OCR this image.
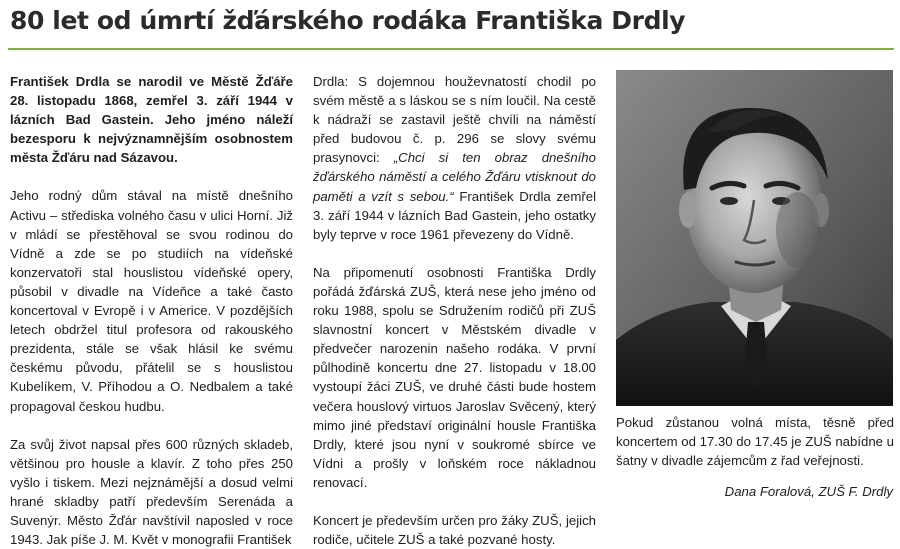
80 let od úmrtí žďárského rodáka Františka Drdly

František Drdla se narodil ve Městě Žďáře 28. listopadu 1868, zemřel 3. září 1944 v lázních Bad Gastein. Jeho jméno náleží bezesporu k nejvýznamnějším osobnostem města Žďáru nad Sázavou.

Jeho rodný dům stával na místě dnešního Activu – střediska volného času v ulici Horní. Již v mládí se přestěhoval se svou rodinou do Vídně a zde se po studiích na vídeňské konzervatoři stal houslistou vídeňské opery, působil v divadle na Vídeňce a také často koncertoval v Evropě i v Americe. V pozdějších letech obdržel titul profesora od rakouského prezidenta, stále se však hlásil ke svému českému původu, přátelil se s houslistou Kubelíkem, V. Příhodou a O. Nedbalem a také propagoval českou hudbu.

Za svůj život napsal přes 600 různých skladeb, většinou pro housle a klavír. Z toho přes 250 vyšlo i tiskem. Mezi nejznámější a dosud velmi hrané skladby patří především Serenáda a Suvenýr. Město Žďár navštívil naposled v roce 1943. Jak píše J. M. Květ v monografii František

Drdla: S dojemnou houževnatostí chodil po svém městě a s láskou se s ním loučil. Na cestě k nádraží se zastavil ještě chvíli na náměstí před budovou č. p. 296 se slovy svému prasynovci: „Chci si ten obraz dnešního žďárského náměstí a celého Žďáru vtisknout do paměti a vzít s sebou.“ František Drdla zemřel 3. září 1944 v lázních Bad Gastein, jeho ostatky byly teprve v roce 1961 převezeny do Vídně.

Na připomenutí osobnosti Františka Drdly pořádá žďárská ZUŠ, která nese jeho jméno od roku 1988, spolu se Sdružením rodičů při ZUŠ slavnostní koncert v Městském divadle v předvečer narozenin našeho rodáka. V první půlhodině koncertu dne 27. listopadu v 18.00 vystoupí žáci ZUŠ, ve druhé části bude hostem večera houslový virtuos Jaroslav Svěcený, který mimo jiné představí originální housle Františka Drdly, které jsou nyní v soukromé sbírce ve Vídni a prošly v loňském roce nákladnou renovací.

Koncert je především určen pro žáky ZUŠ, jejich rodiče, učitele ZUŠ a také pozvané hosty.

Pokud zůstanou volná místa, těsně před koncertem od 17.30 do 17.45 je ZUŠ nabídne u šatny v divadle zájemcům z řad veřejnosti.

Dana Foralová, ZUŠ F. Drdly
